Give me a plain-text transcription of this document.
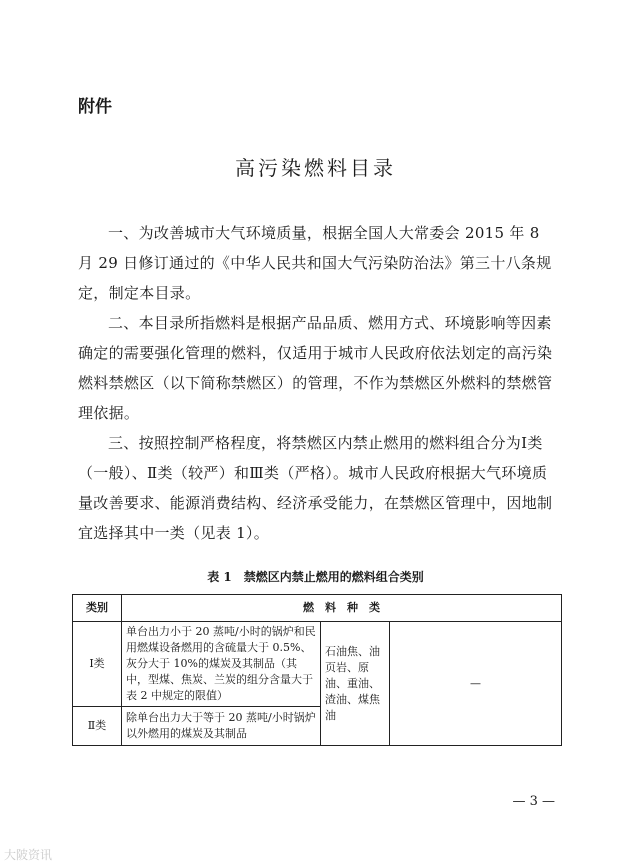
附件
高污染燃料目录
一、为改善城市大气环境质量，根据全国人大常委会 2015 年 8 月 29 日修订通过的《中华人民共和国大气污染防治法》第三十八条规定，制定本目录。
二、本目录所指燃料是根据产品品质、燃用方式、环境影响等因素确定的需要强化管理的燃料，仅适用于城市人民政府依法划定的高污染燃料禁燃区（以下简称禁燃区）的管理，不作为禁燃区外燃料的禁燃管理依据。
三、按照控制严格程度，将禁燃区内禁止燃用的燃料组合分为Ⅰ类（一般）、Ⅱ类（较严）和Ⅲ类（严格）。城市人民政府根据大气环境质量改善要求、能源消费结构、经济承受能力，在禁燃区管理中，因地制宜选择其中一类（见表 1）。
表 1　禁燃区内禁止燃用的燃料组合类别
类别	燃　料　种　类		
Ⅰ类	单台出力小于 20 蒸吨/小时的锅炉和民用燃煤设备燃用的含硫量大于 0.5%、灰分大于 10%的煤炭及其制品（其中，型煤、焦炭、兰炭的组分含量大于表 2 中规定的限值）	石油焦、油页岩、原油、重油、渣油、煤焦油	—
Ⅱ类	除单台出力大于等于 20 蒸吨/小时锅炉以外燃用的煤炭及其制品		
— 3 —
大陂资讯
